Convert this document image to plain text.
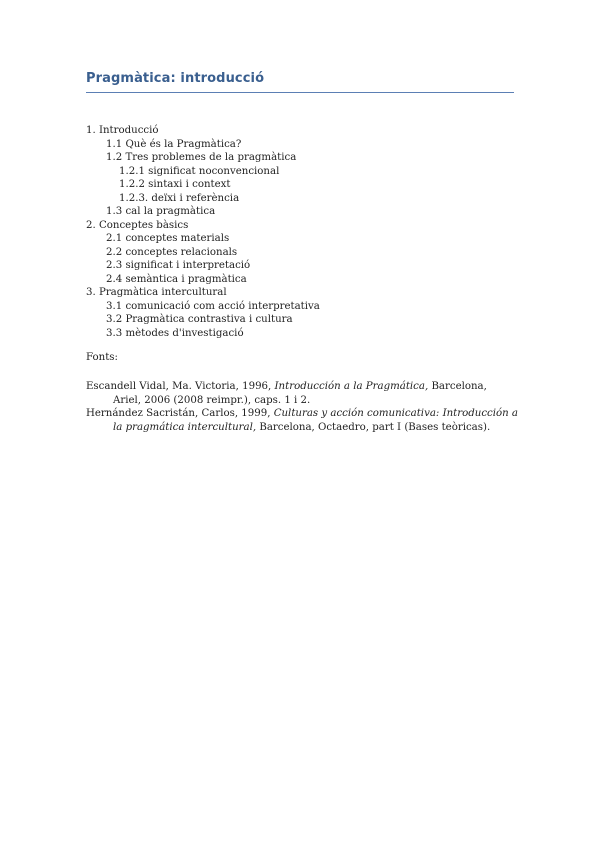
Pragmàtica: introducció
1. Introducció
1.1 Què és la Pragmàtica?
1.2 Tres problemes de la pragmàtica
1.2.1 significat noconvencional
1.2.2 sintaxi i context
1.2.3. deïxi i referència
1.3 cal la pragmàtica
2. Conceptes bàsics
2.1 conceptes materials
2.2 conceptes relacionals
2.3 significat i interpretació
2.4 semàntica i pragmàtica
3. Pragmàtica intercultural
3.1 comunicació com acció interpretativa
3.2 Pragmàtica contrastiva i cultura
3.3 mètodes d'investigació
Fonts:
Escandell Vidal, Ma. Victoria, 1996, Introducción a la Pragmática, Barcelona, Ariel, 2006 (2008 reimpr.), caps. 1 i 2.
Hernández Sacristán, Carlos, 1999, Culturas y acción comunicativa: Introducción a la pragmática intercultural, Barcelona, Octaedro, part I (Bases teòricas).
